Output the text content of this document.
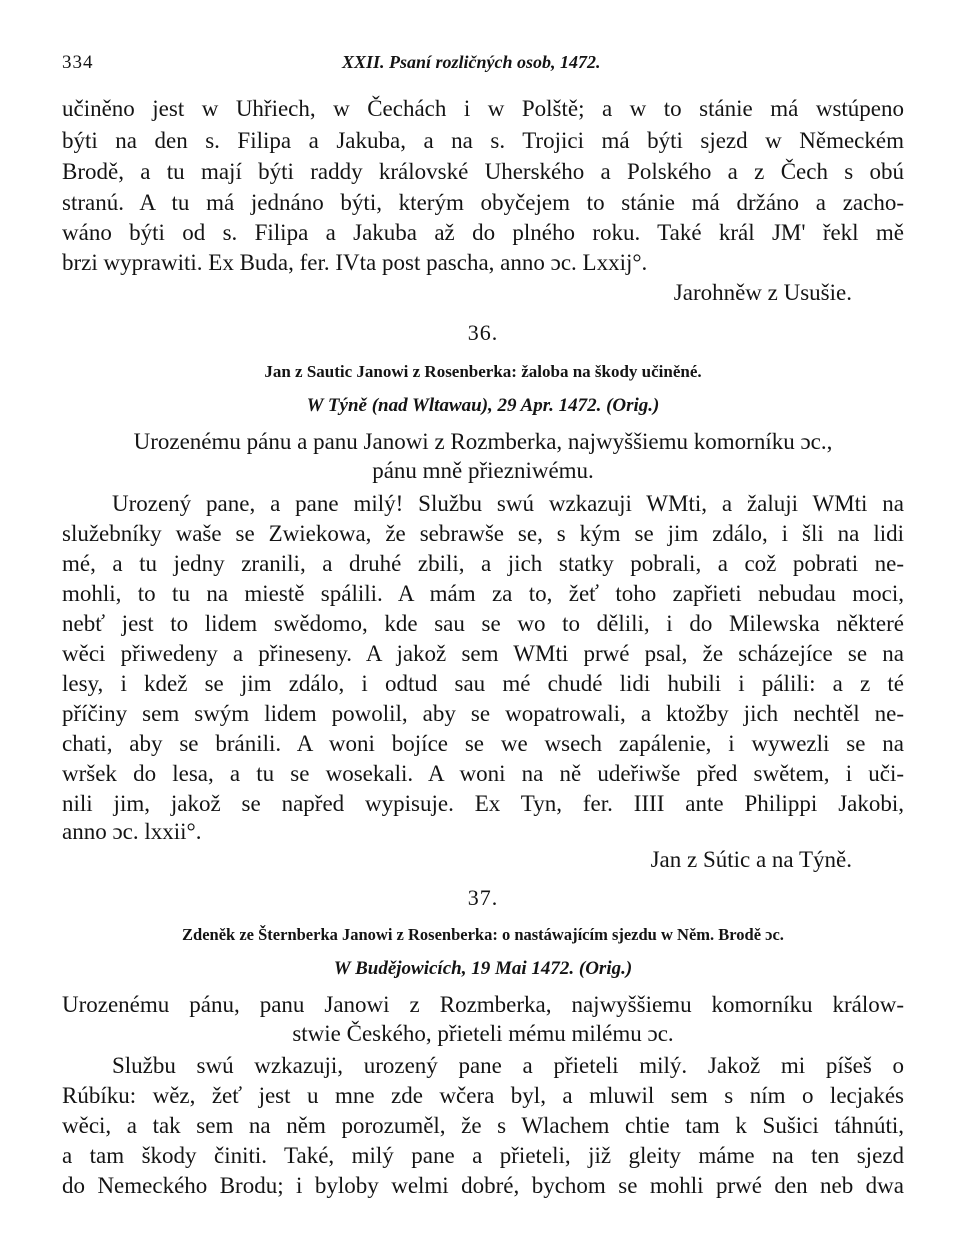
334	XXII. Psaní rozličných osob, 1472.
učiněno jest w Uhřiech, w Čechách i w Polště; a w to stánie má wstúpeno
býti na den s. Filipa a Jakuba, a na s. Trojici má býti sjezd w Německém
Brodě, a tu mají býti raddy královské Uherského a Polského a z Čech s obú
stranú. A tu má jednáno býti, kterým obyčejem to stánie má držáno a zacho-
wáno býti od s. Filipa a Jakuba až do plného roku. Také král JM' řekl mě
brzi wyprawiti. Ex Buda, fer. IVta post pascha, anno ɔc. Lxxij°.
Jarohněw z Usušie.
36.
Jan z Sautic Janowi z Rosenberka: žaloba na škody učiněné.
W Týně (nad Wltawau), 29 Apr. 1472. (Orig.)
Urozenému pánu a panu Janowi z Rozmberka, najwyššiemu komorníku ɔc.,
pánu mně přiezniwému.
Urozený pane, a pane milý! Službu swú wzkazuji WMti, a žaluji WMti na
služebníky waše se Zwiekowa, že sebrawše se, s kým se jim zdálo, i šli na lidi
mé, a tu jedny zranili, a druhé zbili, a jich statky pobrali, a což pobrati ne-
mohli, to tu na miestě spálili. A mám za to, žeť toho zapřieti nebudau moci,
nebť jest to lidem swědomo, kde sau se wo to dělili, i do Milewska některé
wěci přiwedeny a přineseny. A jakož sem WMti prwé psal, že scházejíce se na
lesy, i kdež se jim zdálo, i odtud sau mé chudé lidi hubili i pálili: a z té
příčiny sem swým lidem powolil, aby se wopatrowali, a ktožby jich nechtěl ne-
chati, aby se bránili. A woni bojíce se we wsech zapálenie, i wywezli se na
wršek do lesa, a tu se wosekali. A woni na ně udeřiwše před swětem, i uči-
nili jim, jakož se napřed wypisuje. Ex Tyn, fer. IIII ante Philippi Jakobi,
anno ɔc. lxxii°.
Jan z Sútic a na Týně.
37.
Zdeněk ze Šternberka Janowi z Rosenberka: o nastáwajícím sjezdu w Něm. Brodě ɔc.
W Budějowicích, 19 Mai 1472. (Orig.)
Urozenému pánu, panu Janowi z Rozmberka, najwyššiemu komorníku králow-
stwie Českého, přieteli mému milému ɔc.
Službu swú wzkazuji, urozený pane a přieteli milý. Jakož mi píšeš o
Rúbíku: wěz, žeť jest u mne zde wčera byl, a mluwil sem s ním o lecjakés
wěci, a tak sem na něm porozuměl, že s Wlachem chtie tam k Sušici táhnúti,
a tam škody činiti. Také, milý pane a přieteli, již gleity máme na ten sjezd
do Nemeckého Brodu; i byloby welmi dobré, bychom se mohli prwé den neb dwa
